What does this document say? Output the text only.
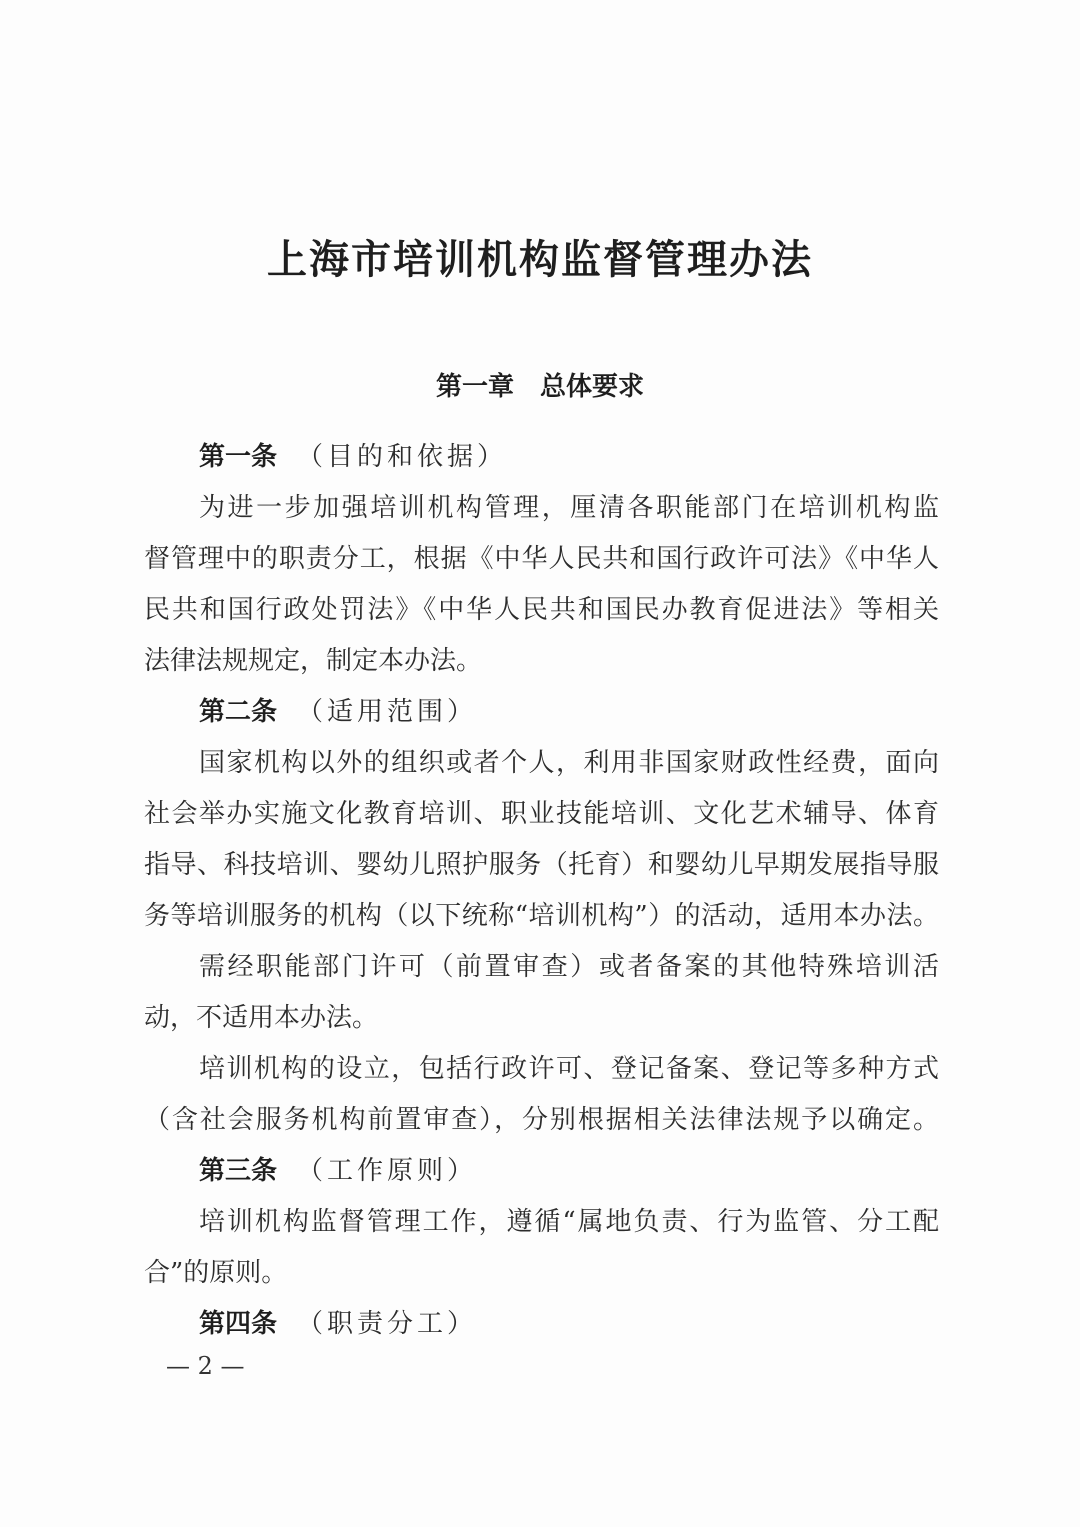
上海市培训机构监督管理办法
第一章　总体要求
第一条 （目的和依据）
为进一步加强培训机构管理，厘清各职能部门在培训机构监
督管理中的职责分工，根据《中华人民共和国行政许可法》《中华人
民共和国行政处罚法》《中华人民共和国民办教育促进法》等相关
法律法规规定，制定本办法。
第二条 （适用范围）
国家机构以外的组织或者个人，利用非国家财政性经费，面向
社会举办实施文化教育培训、职业技能培训、文化艺术辅导、体育
指导、科技培训、婴幼儿照护服务（托育）和婴幼儿早期发展指导服
务等培训服务的机构（以下统称“培训机构”）的活动，适用本办法。
需经职能部门许可（前置审查）或者备案的其他特殊培训活
动，不适用本办法。
培训机构的设立，包括行政许可、登记备案、登记等多种方式
（含社会服务机构前置审查），分别根据相关法律法规予以确定。
第三条 （工作原则）
培训机构监督管理工作，遵循“属地负责、行为监管、分工配
合”的原则。
第四条 （职责分工）
— 2 —
